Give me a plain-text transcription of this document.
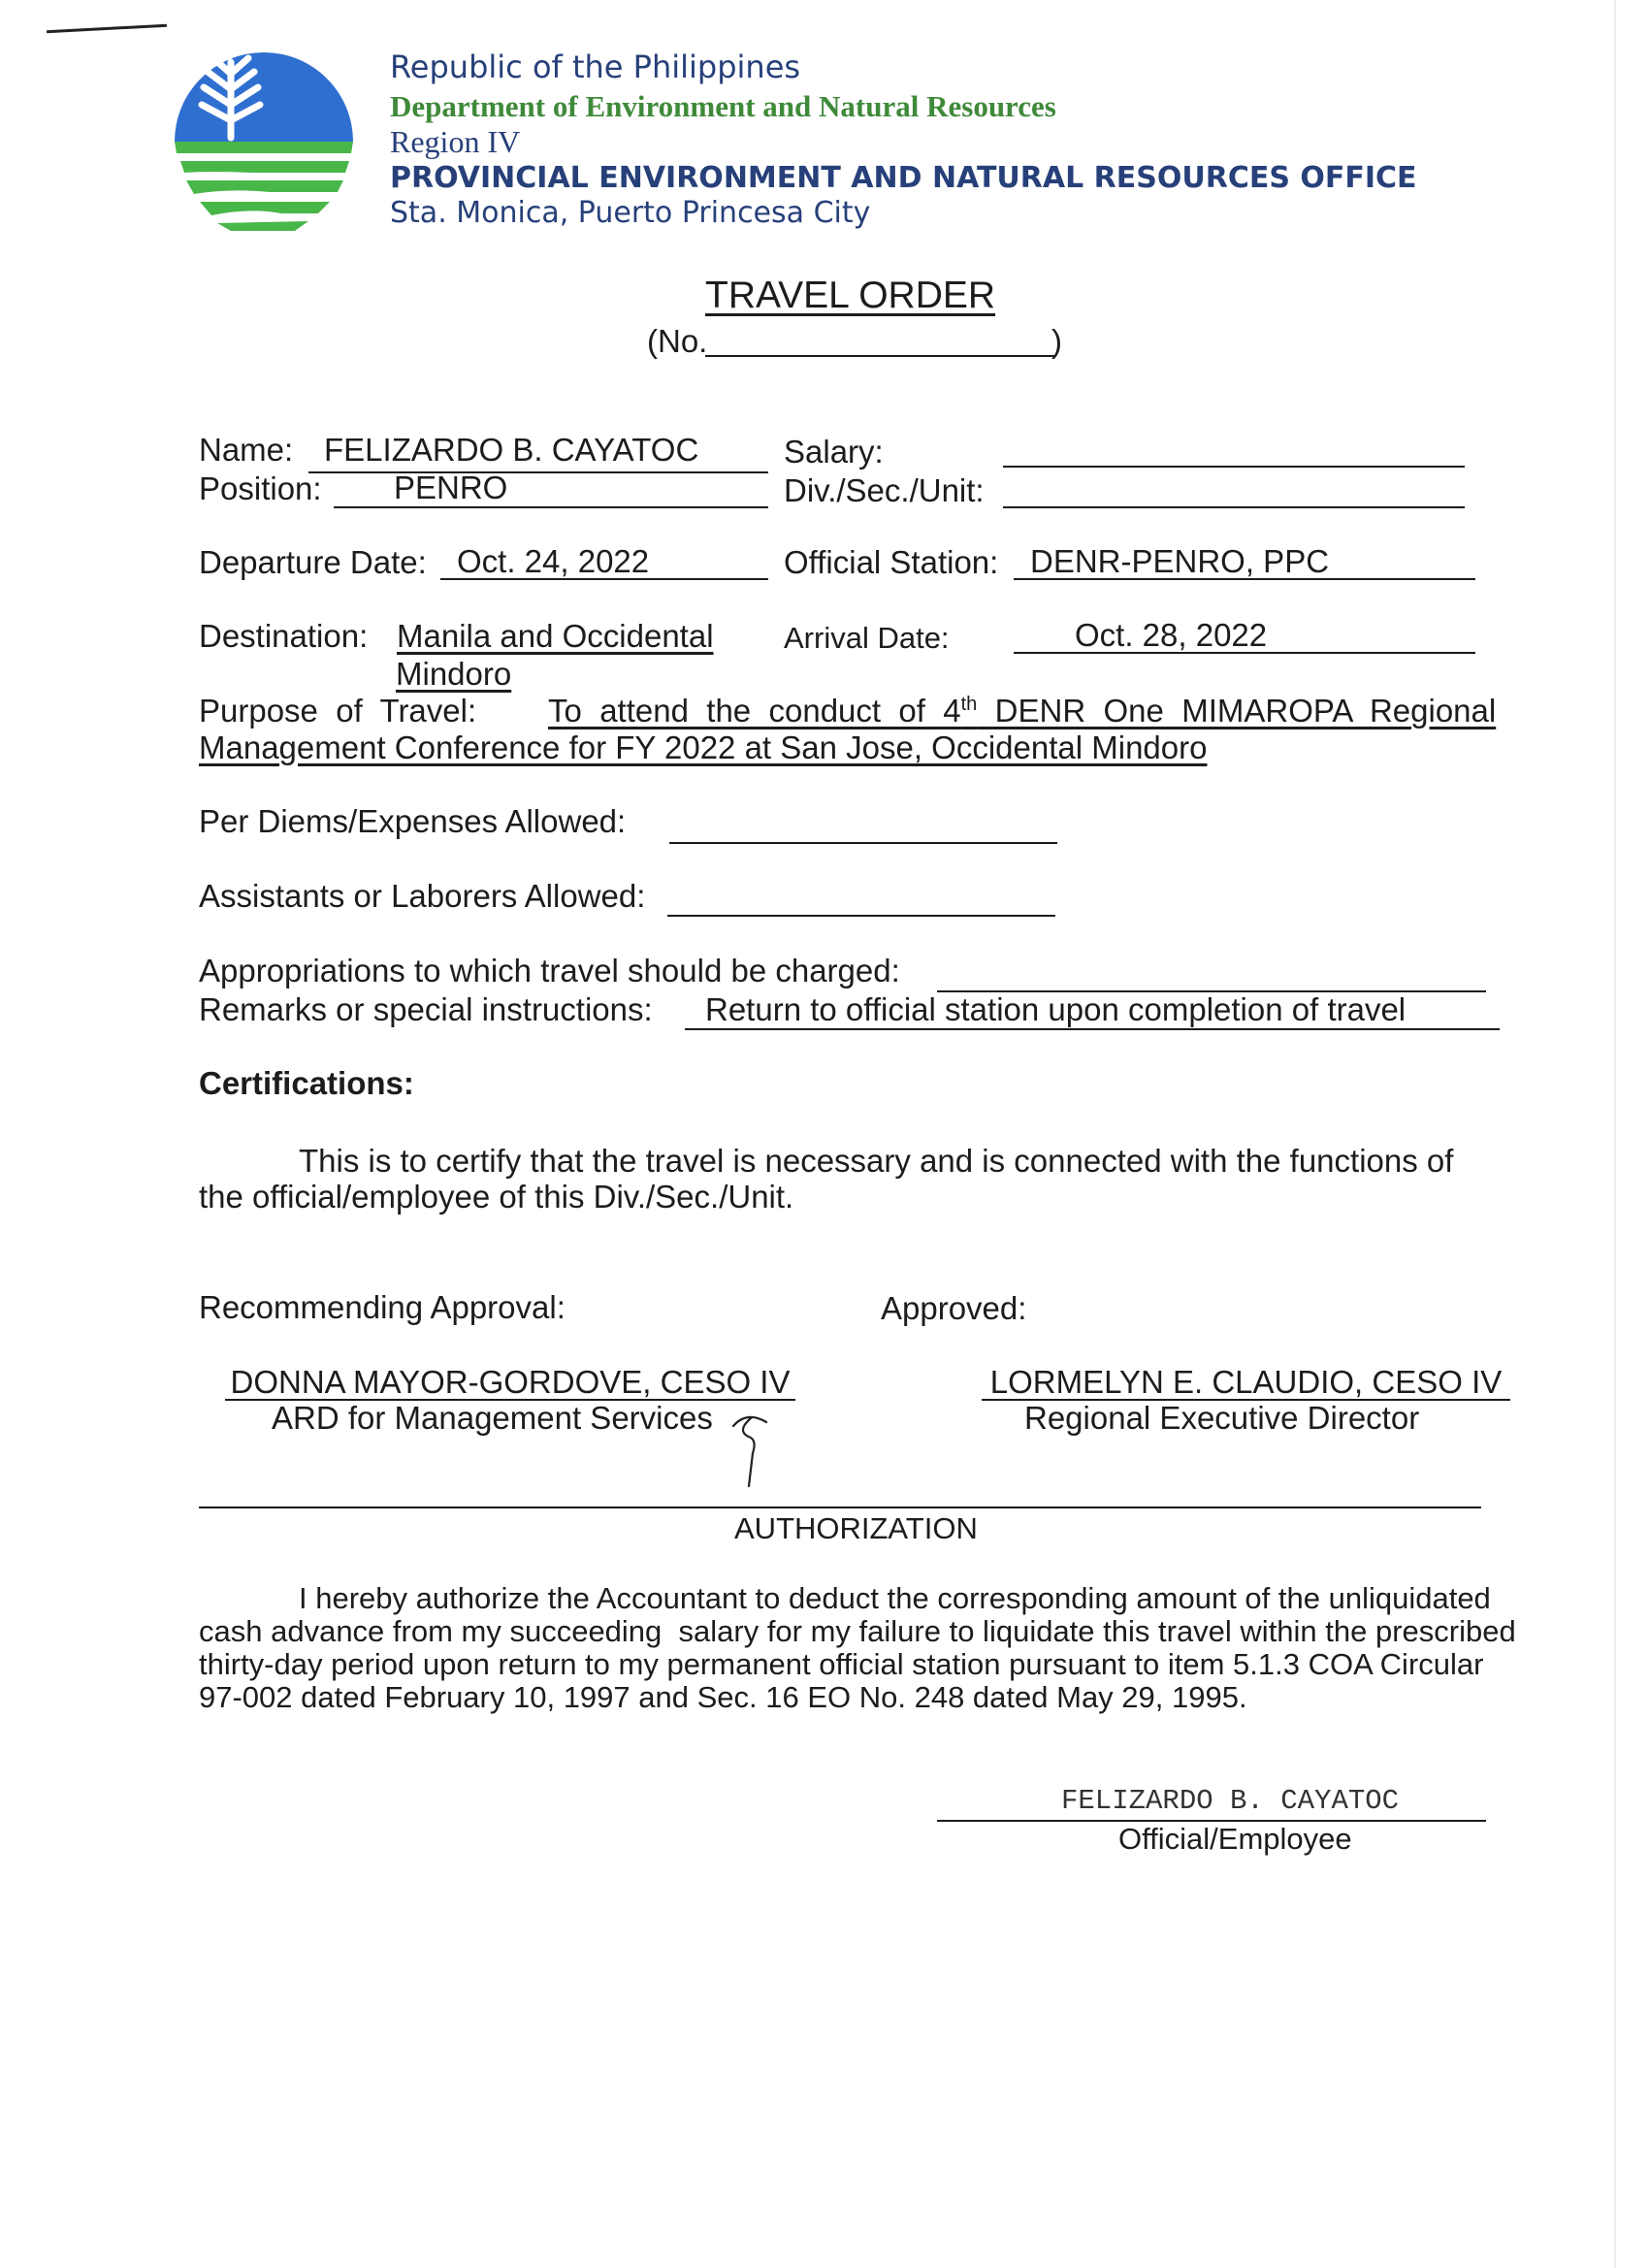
Republic of the Philippines
Department of Environment and Natural Resources
Region IV
PROVINCIAL ENVIRONMENT AND NATURAL RESOURCES OFFICE
Sta. Monica, Puerto Princesa City
TRAVEL ORDER
(No.	)
Name: FELIZARDO B. CAYATOC	Salary:
Position: PENRO	Div./Sec./Unit:
Departure Date: Oct. 24, 2022	Official Station: DENR-PENRO, PPC
Destination: Manila and Occidental
Mindoro
Arrival Date:	Oct. 28, 2022
Purpose  of  Travel: To  attend  the  conduct  of  4th  DENR  One  MIMAROPA  Regional
Management Conference for FY 2022 at San Jose, Occidental Mindoro
Per Diems/Expenses Allowed:
Assistants or Laborers Allowed:
Appropriations to which travel should be charged:
Remarks or special instructions: Return to official station upon completion of travel
Certifications:
This is to certify that the travel is necessary and is connected with the functions of
the official/employee of this Div./Sec./Unit.
Recommending Approval:	Approved:
DONNA MAYOR-GORDOVE, CESO IV
ARD for Management Services
LORMELYN E. CLAUDIO, CESO IV
Regional Executive Director
AUTHORIZATION
I hereby authorize the Accountant to deduct the corresponding amount of the unliquidated
cash advance from my succeeding  salary for my failure to liquidate this travel within the prescribed
thirty-day period upon return to my permanent official station pursuant to item 5.1.3 COA Circular
97-002 dated February 10, 1997 and Sec. 16 EO No. 248 dated May 29, 1995.
FELIZARDO B. CAYATOC
Official/Employee
